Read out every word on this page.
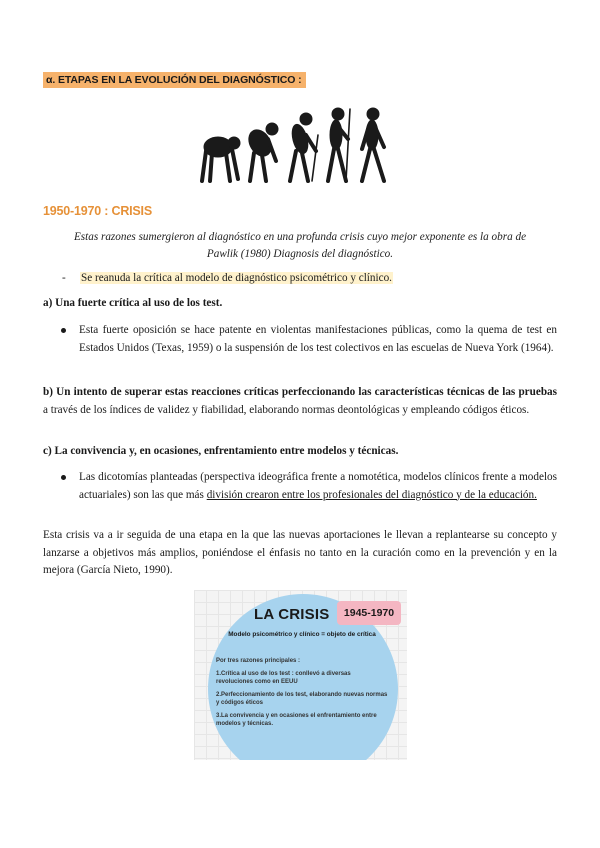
α. ETAPAS EN LA EVOLUCIÓN DEL DIAGNÓSTICO :
1950-1970 : CRISIS
Estas razones sumergieron al diagnóstico en una profunda crisis cuyo mejor exponente es la obra de
Pawlik (1980) Diagnosis del diagnóstico.
- Se reanuda la crítica al modelo de diagnóstico psicométrico y clínico.
a) Una fuerte crítica al uso de los test.
Esta fuerte oposición se hace patente en violentas manifestaciones públicas, como la quema de test en Estados Unidos (Texas, 1959) o la suspensión de los test colectivos en las escuelas de Nueva York (1964).
b) Un intento de superar estas reacciones críticas perfeccionando las características técnicas de las pruebas a través de los índices de validez y fiabilidad, elaborando normas deontológicas y empleando códigos éticos.
c) La convivencia y, en ocasiones, enfrentamiento entre modelos y técnicas.
Las dicotomías planteadas (perspectiva ideográfica frente a nomotética, modelos clínicos frente a modelos actuariales) son las que más división crearon entre los profesionales del diagnóstico y de la educación.
Esta crisis va a ir seguida de una etapa en la que las nuevas aportaciones le llevan a replantearse su concepto y lanzarse a objetivos más amplios, poniéndose el énfasis no tanto en la curación como en la prevención y en la mejora (García Nieto, 1990).
LA CRISIS	1945-1970
Modelo psicométrico y clínico = objeto de crítica
Por tres razones principales :
1.Crítica al uso de los test : conllevó a diversas revoluciones como en EEUU
2.Perfeccionamiento de los test, elaborando nuevas normas y códigos éticos
3.La convivencia y en ocasiones el enfrentamiento entre modelos y técnicas.
